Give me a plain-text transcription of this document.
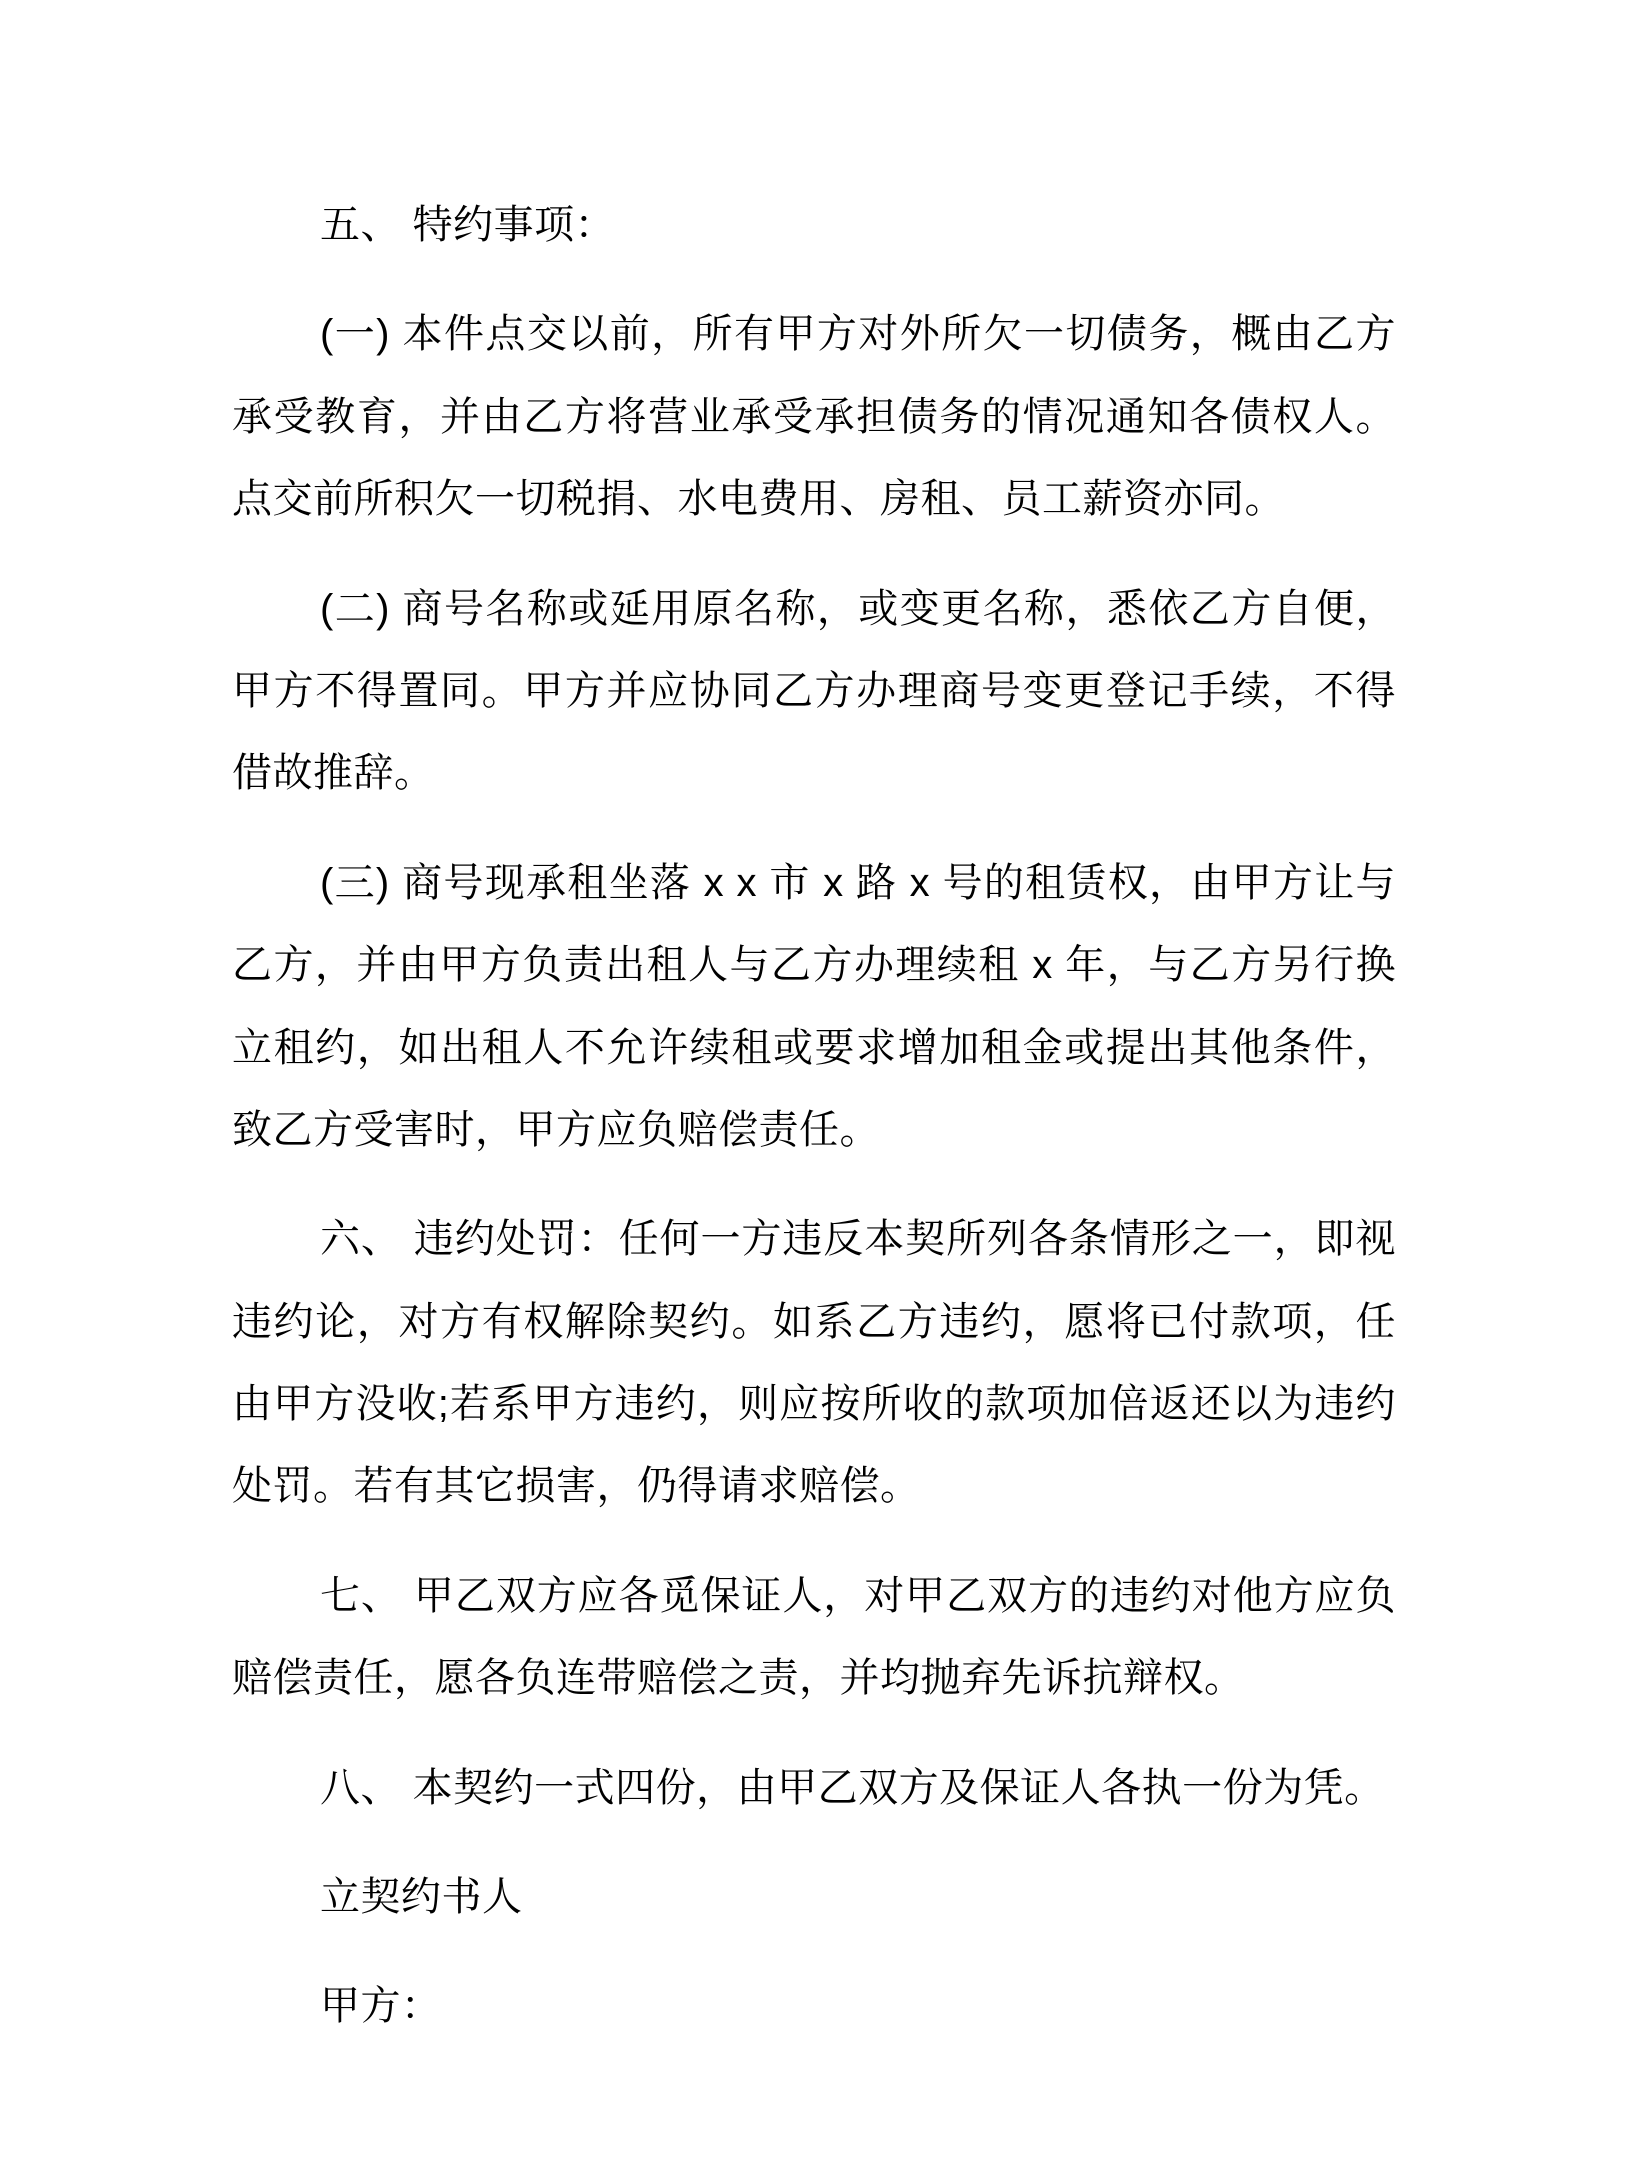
五、 特约事项：

(一) 本件点交以前，所有甲方对外所欠一切债务，概由乙方承受教育，并由乙方将营业承受承担债务的情况通知各债权人。点交前所积欠一切税捐、水电费用、房租、员工薪资亦同。

(二) 商号名称或延用原名称，或变更名称，悉依乙方自便，甲方不得置同。甲方并应协同乙方办理商号变更登记手续，不得借故推辞。

(三) 商号现承租坐落 x x 市 x 路 x 号的租赁权，由甲方让与乙方，并由甲方负责出租人与乙方办理续租 x 年，与乙方另行换立租约，如出租人不允许续租或要求增加租金或提出其他条件，致乙方受害时，甲方应负赔偿责任。

六、 违约处罚：任何一方违反本契所列各条情形之一，即视违约论，对方有权解除契约。如系乙方违约，愿将已付款项，任由甲方没收;若系甲方违约，则应按所收的款项加倍返还以为违约处罚。若有其它损害，仍得请求赔偿。

七、 甲乙双方应各觅保证人，对甲乙双方的违约对他方应负赔偿责任，愿各负连带赔偿之责，并均抛弃先诉抗辩权。

八、 本契约一式四份，由甲乙双方及保证人各执一份为凭。

立契约书人

甲方：
